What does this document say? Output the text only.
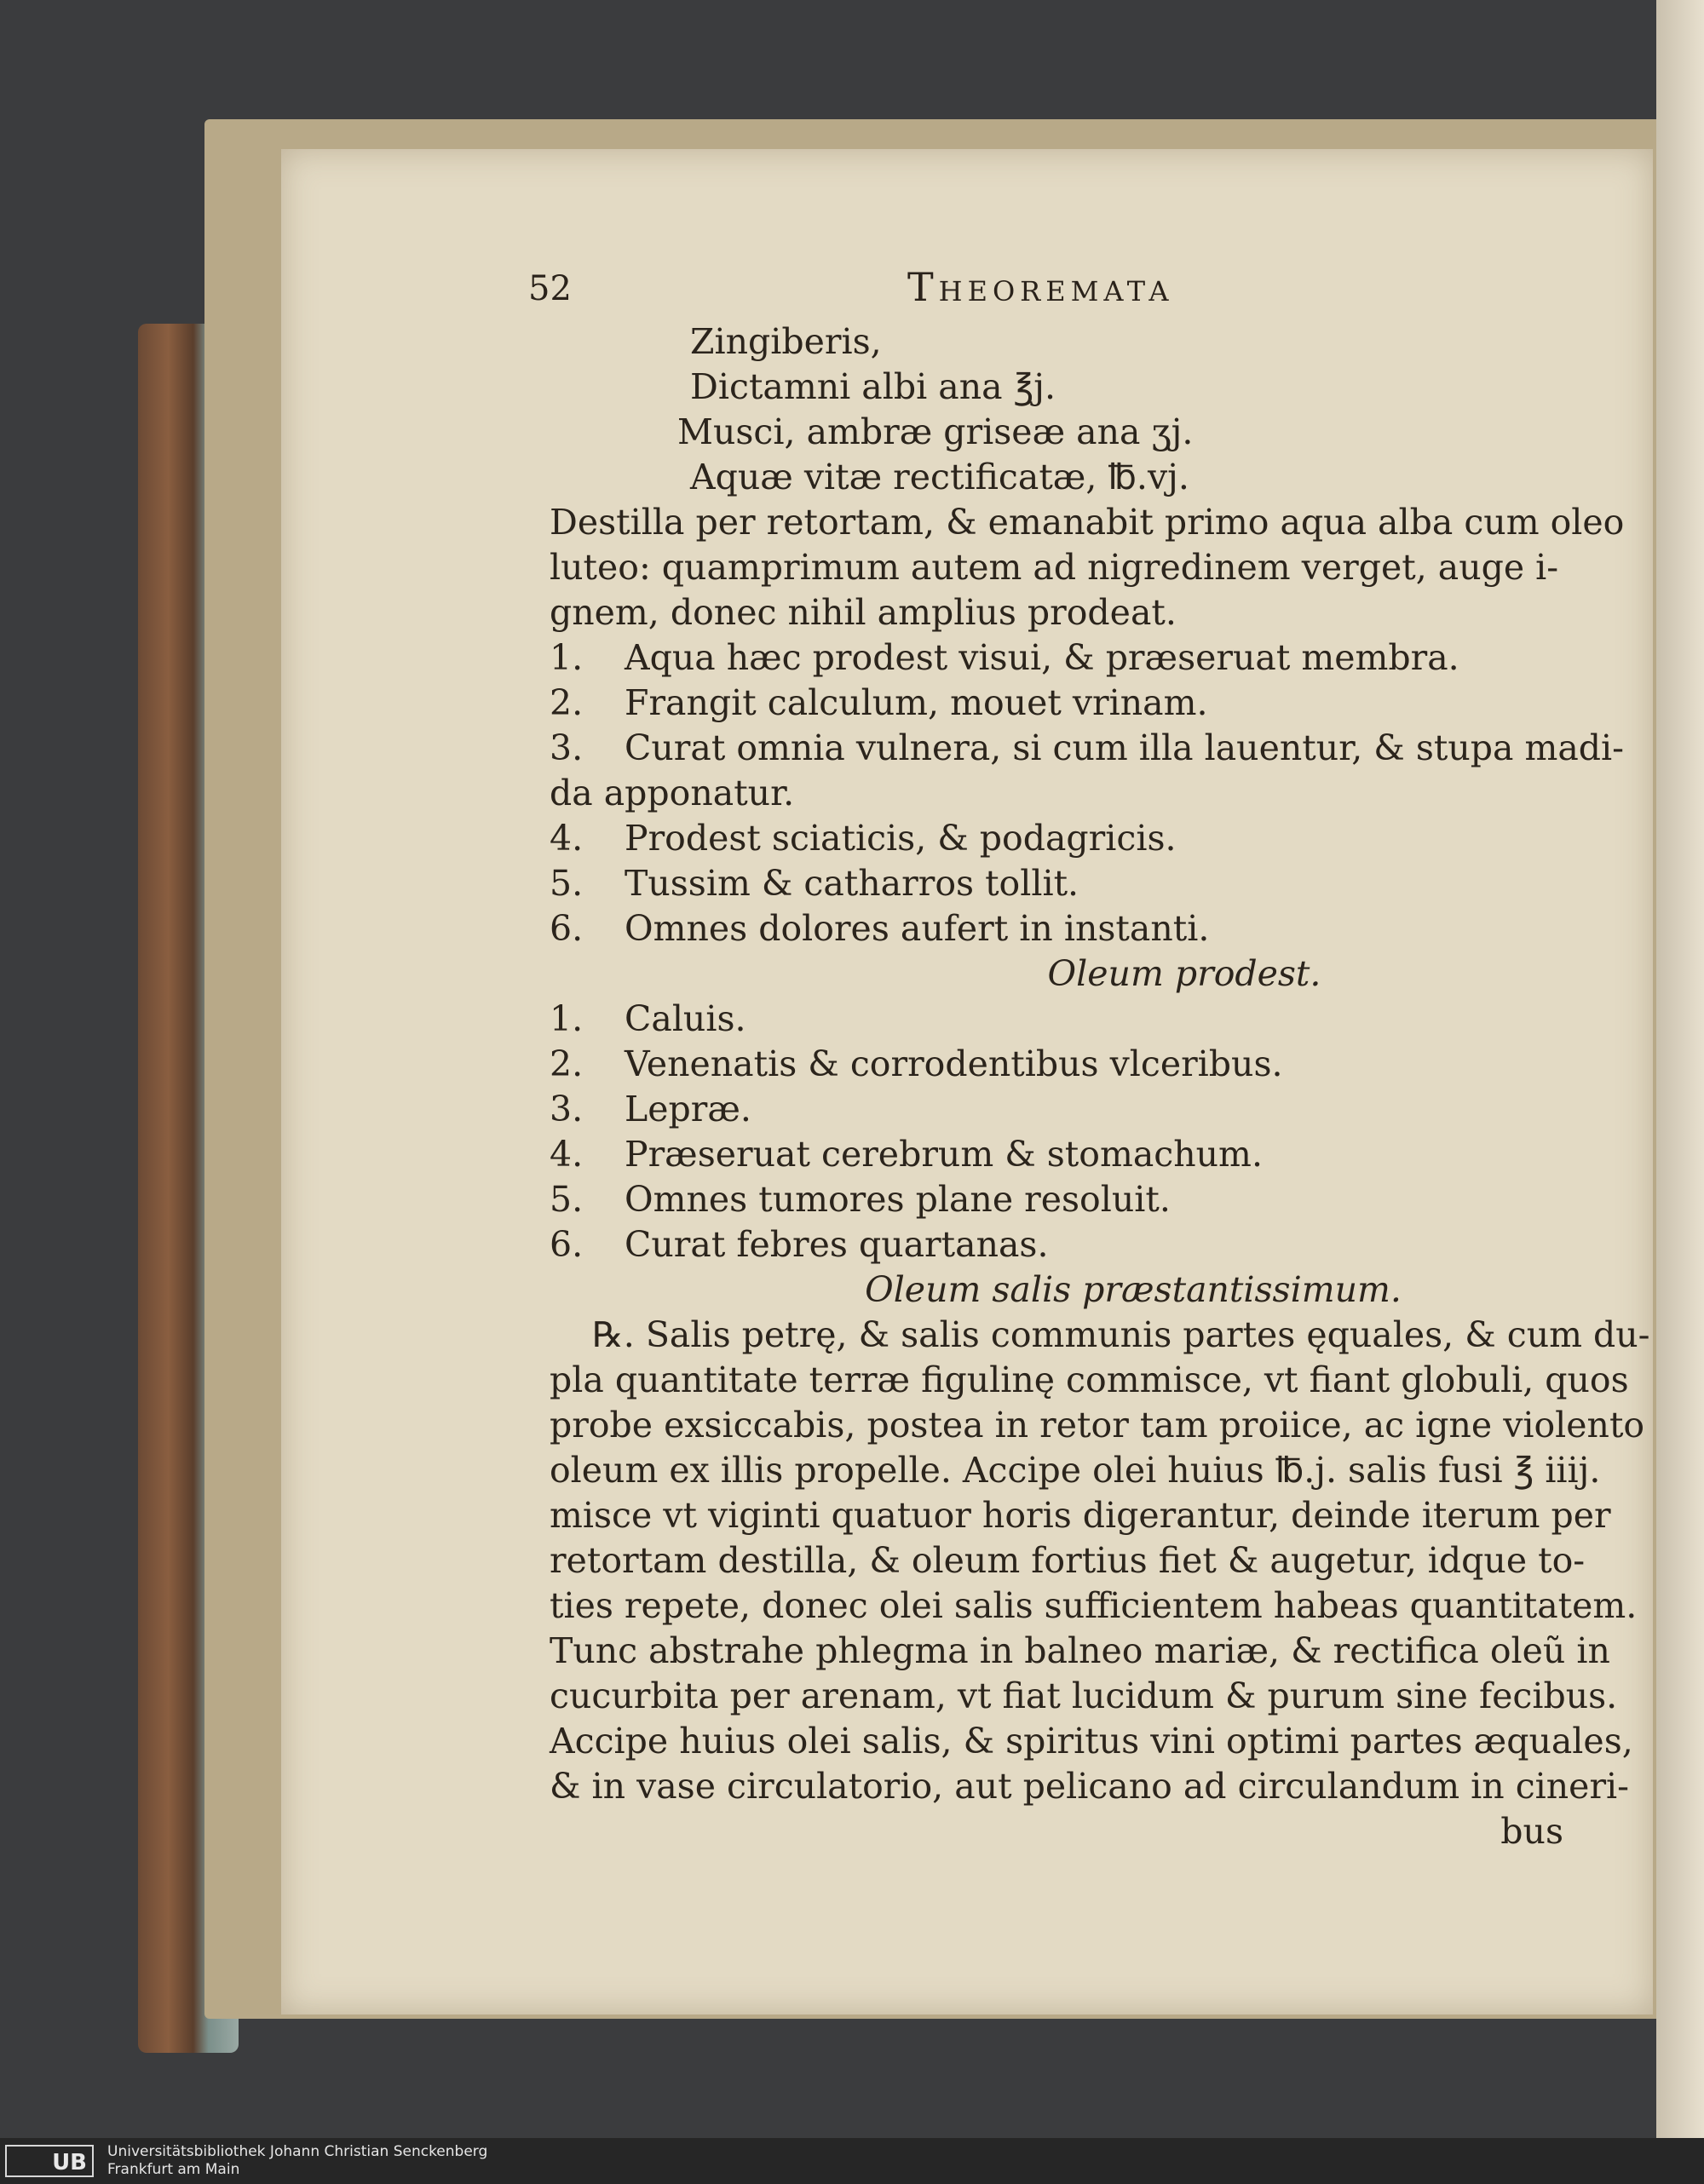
52	Theoremata
Zingiberis,
Dictamni albi ana ℥j.
Musci, ambræ griseæ ana ʒj.
Aquæ vitæ rectificatæ, ℔.vj.
Destilla per retortam, & emanabit primo aqua alba cum oleo
luteo: quamprimum autem ad nigredinem verget, auge i-
gnem, donec nihil amplius prodeat.
1. Aqua hæc prodest visui, & præseruat membra.
2. Frangit calculum, mouet vrinam.
3. Curat omnia vulnera, si cum illa lauentur, & stupa madi-
da apponatur.
4. Prodest sciaticis, & podagricis.
5. Tussim & catharros tollit.
6. Omnes dolores aufert in instanti.
Oleum prodest.
1. Caluis.
2. Venenatis & corrodentibus vlceribus.
3. Lepræ.
4. Præseruat cerebrum & stomachum.
5. Omnes tumores plane resoluit.
6. Curat febres quartanas.
Oleum salis præstantissimum.
℞. Salis petrę, & salis communis partes ęquales, & cum du-
pla quantitate terræ figulinę commisce, vt fiant globuli, quos
probe exsiccabis, postea in retor tam proiice, ac igne violento
oleum ex illis propelle. Accipe olei huius ℔.j. salis fusi ℥ iiij.
misce vt viginti quatuor horis digerantur, deinde iterum per
retortam destilla, & oleum fortius fiet & augetur, idque to-
ties repete, donec olei salis sufficientem habeas quantitatem.
Tunc abstrahe phlegma in balneo mariæ, & rectifica oleũ in
cucurbita per arenam, vt fiat lucidum & purum sine fecibus.
Accipe huius olei salis, & spiritus vini optimi partes æquales,
& in vase circulatorio, aut pelicano ad circulandum in cineri-
bus
UB	Universitätsbibliothek Johann Christian Senckenberg
Frankfurt am Main
